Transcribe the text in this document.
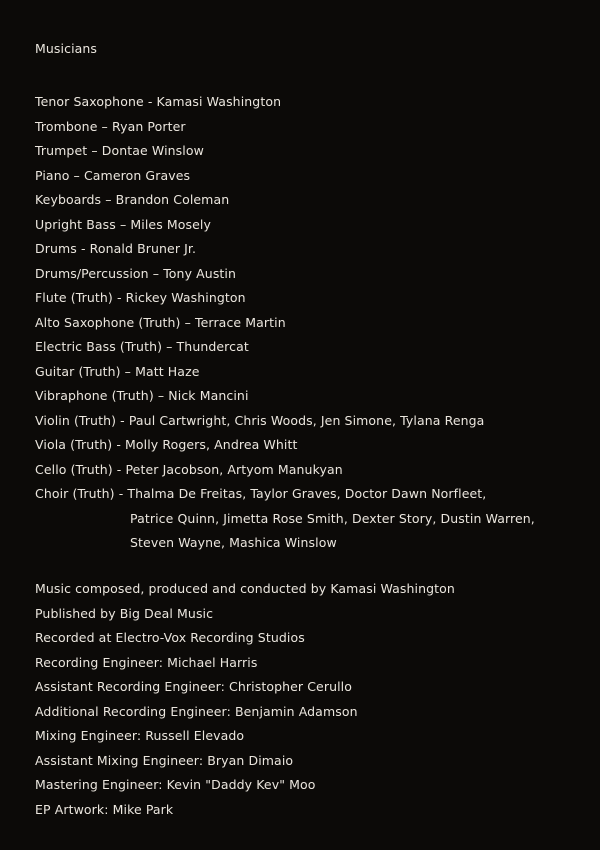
Musicians
Tenor Saxophone - Kamasi Washington
Trombone – Ryan Porter
Trumpet – Dontae Winslow
Piano – Cameron Graves
Keyboards – Brandon Coleman
Upright Bass – Miles Mosely
Drums - Ronald Bruner Jr.
Drums/Percussion – Tony Austin
Flute (Truth) - Rickey Washington
Alto Saxophone (Truth) – Terrace Martin
Electric Bass (Truth) – Thundercat
Guitar (Truth) – Matt Haze
Vibraphone (Truth) – Nick Mancini
Violin (Truth) - Paul Cartwright, Chris Woods, Jen Simone, Tylana Renga
Viola (Truth) - Molly Rogers, Andrea Whitt
Cello (Truth) - Peter Jacobson, Artyom Manukyan
Choir (Truth) - Thalma De Freitas, Taylor Graves, Doctor Dawn Norfleet,
Patrice Quinn, Jimetta Rose Smith, Dexter Story, Dustin Warren,
Steven Wayne, Mashica Winslow
Music composed, produced and conducted by Kamasi Washington
Published by Big Deal Music
Recorded at Electro-Vox Recording Studios
Recording Engineer: Michael Harris
Assistant Recording Engineer: Christopher Cerullo
Additional Recording Engineer: Benjamin Adamson
Mixing Engineer: Russell Elevado
Assistant Mixing Engineer: Bryan Dimaio
Mastering Engineer: Kevin "Daddy Kev" Moo
EP Artwork: Mike Park
